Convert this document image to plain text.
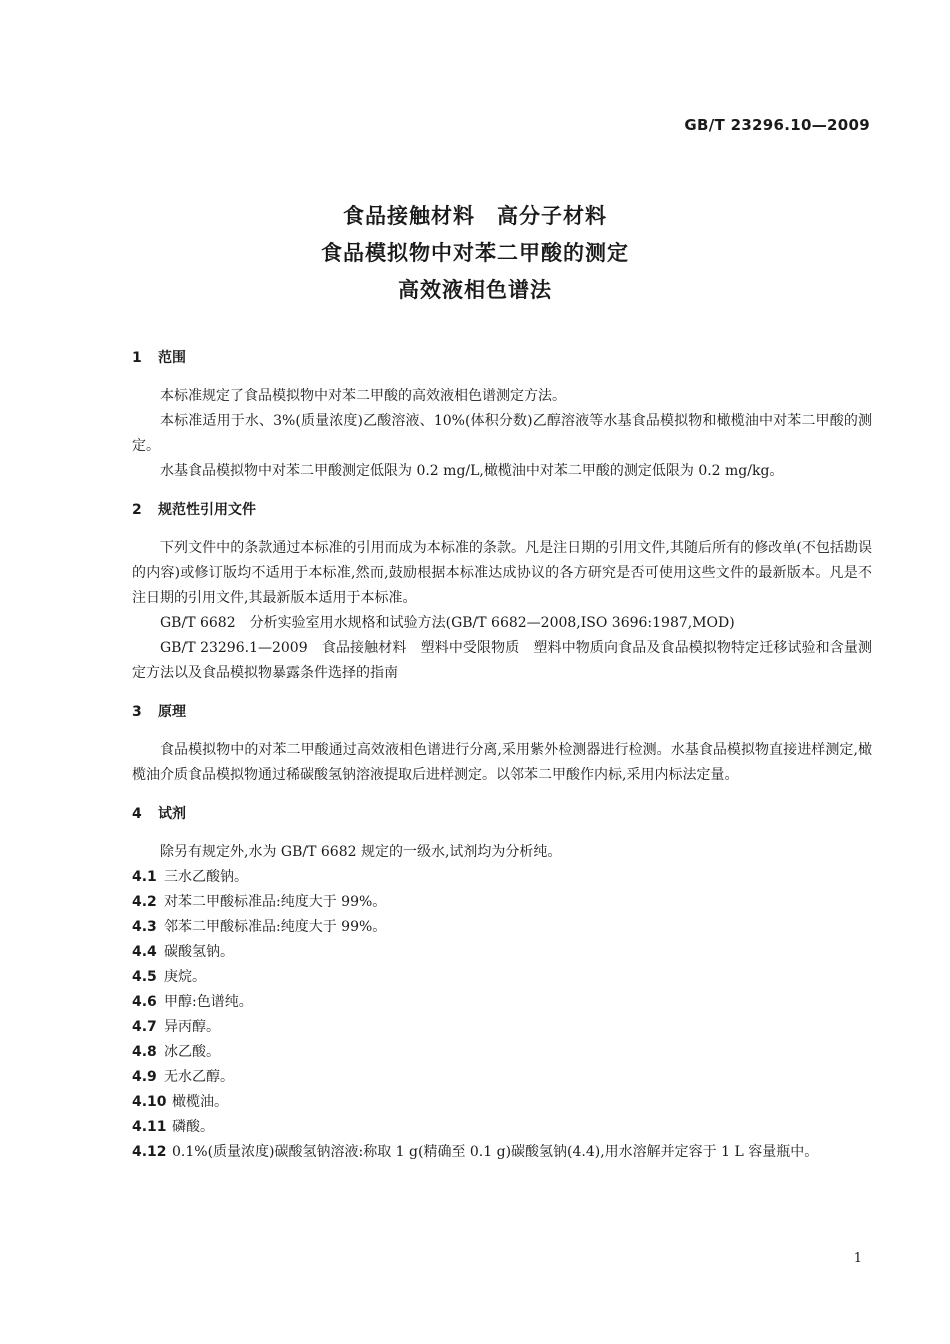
GB/T 23296.10—2009
食品接触材料　高分子材料
食品模拟物中对苯二甲酸的测定
高效液相色谱法
1 范围

本标准规定了食品模拟物中对苯二甲酸的高效液相色谱测定方法。

本标准适用于水、3%(质量浓度)乙酸溶液、10%(体积分数)乙醇溶液等水基食品模拟物和橄榄油中对苯二甲酸的测定。

水基食品模拟物中对苯二甲酸测定低限为 0.2 mg/L,橄榄油中对苯二甲酸的测定低限为 0.2 mg/kg。

2 规范性引用文件

下列文件中的条款通过本标准的引用而成为本标准的条款。凡是注日期的引用文件,其随后所有的修改单(不包括勘误的内容)或修订版均不适用于本标准,然而,鼓励根据本标准达成协议的各方研究是否可使用这些文件的最新版本。凡是不注日期的引用文件,其最新版本适用于本标准。

GB/T 6682　分析实验室用水规格和试验方法(GB/T 6682—2008,ISO 3696:1987,MOD)

GB/T 23296.1—2009　食品接触材料　塑料中受限物质　塑料中物质向食品及食品模拟物特定迁移试验和含量测定方法以及食品模拟物暴露条件选择的指南

3 原理

食品模拟物中的对苯二甲酸通过高效液相色谱进行分离,采用紫外检测器进行检测。水基食品模拟物直接进样测定,橄榄油介质食品模拟物通过稀碳酸氢钠溶液提取后进样测定。以邻苯二甲酸作内标,采用内标法定量。

4 试剂

除另有规定外,水为 GB/T 6682 规定的一级水,试剂均为分析纯。

4.1 三水乙酸钠。

4.2 对苯二甲酸标准品:纯度大于 99%。

4.3 邻苯二甲酸标准品:纯度大于 99%。

4.4 碳酸氢钠。

4.5 庚烷。

4.6 甲醇:色谱纯。

4.7 异丙醇。

4.8 冰乙酸。

4.9 无水乙醇。

4.10 橄榄油。

4.11 磷酸。

4.12 0.1%(质量浓度)碳酸氢钠溶液:称取 1 g(精确至 0.1 g)碳酸氢钠(4.4),用水溶解并定容于 1 L 容量瓶中。

1
